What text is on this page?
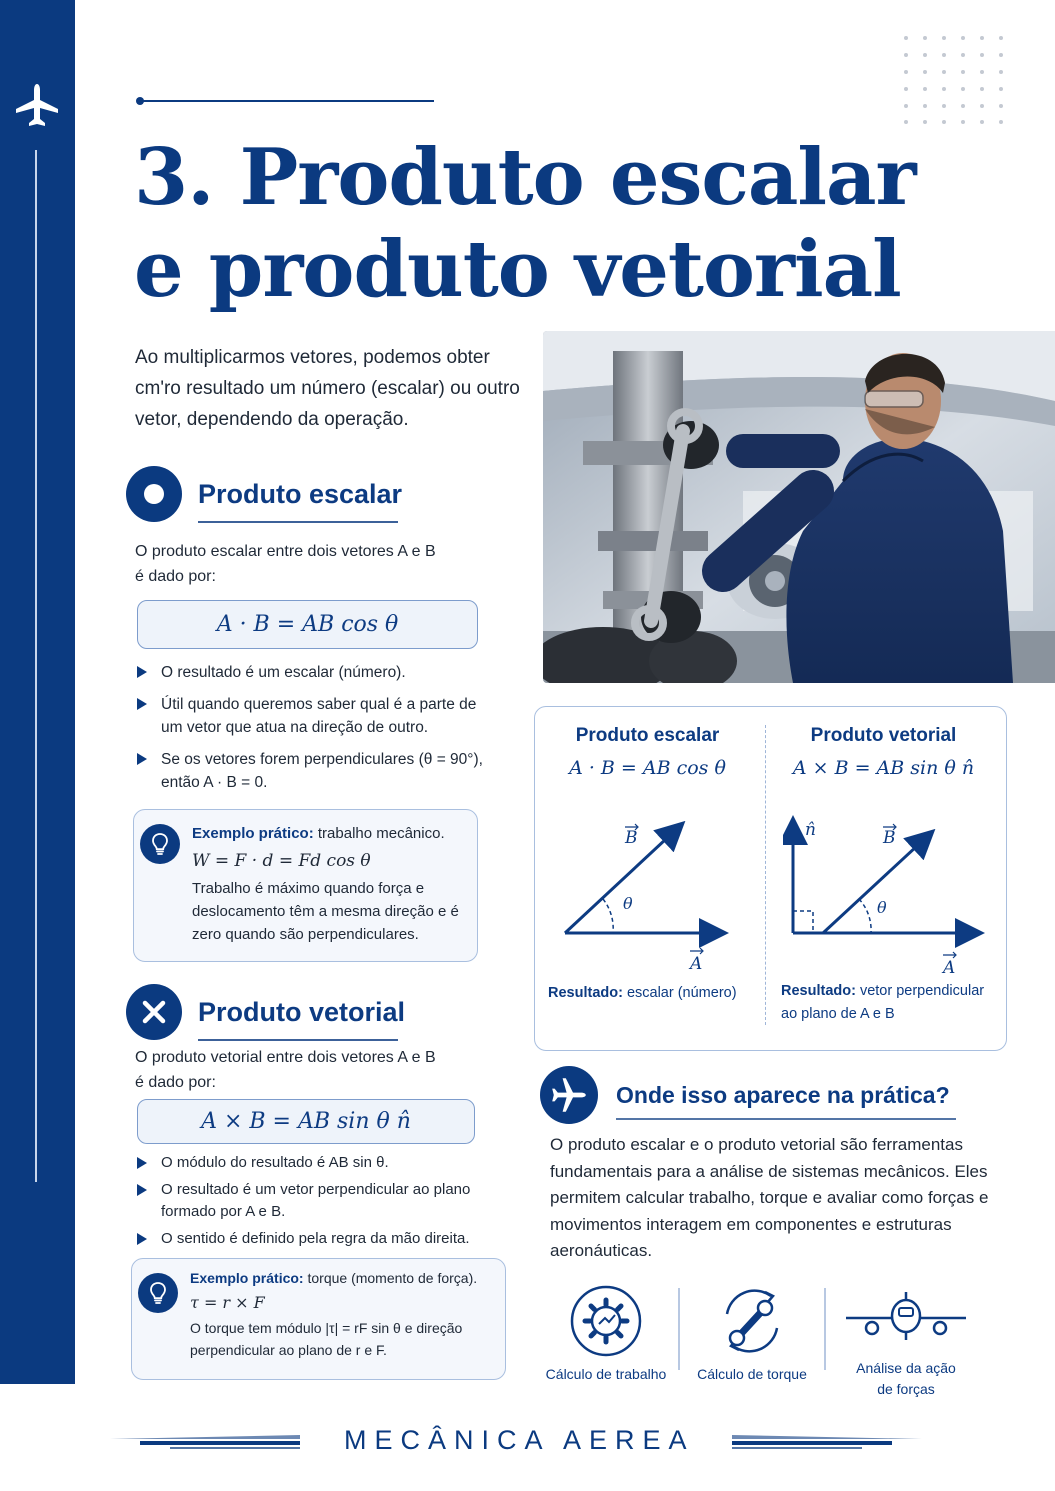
3. Produto escalar
e produto vetorial

Ao multiplicarmos vetores, podemos obter cm'ro resultado um número (escalar) ou outro vetor, dependendo da operação.

Produto escalar
O produto escalar entre dois vetores A e B
é dado por:
A · B = AB cos θ
O resultado é um escalar (número).
Útil quando queremos saber qual é a parte de um vetor que atua na direção de outro.
Se os vetores forem perpendiculares (θ = 90°), então A · B = 0.
Exemplo prático: trabalho mecânico.
W = F · d = Fd cos θ
Trabalho é máximo quando força e deslocamento têm a mesma direção e é zero quando são perpendiculares.
Produto vetorial
O produto vetorial entre dois vetores A e B
é dado por:
A × B = AB sin θ n̂
O módulo do resultado é AB sin θ.
O resultado é um vetor perpendicular ao plano formado por A e B.
O sentido é definido pela regra da mão direita.
Exemplo prático: torque (momento de força).
τ = r × F
O torque tem módulo |τ| = rF sin θ e direção
perpendicular ao plano de r e F.
Produto escalar
A · B = AB cos θ
θ
B
A
Resultado: escalar (número)
Produto vetorial
A × B = AB sin θ n̂
θ
n̂	B
A
Resultado: vetor perpendicular
ao plano de A e B
Onde isso aparece na prática?

O produto escalar e o produto vetorial são ferramentas fundamentais para a análise de sistemas mecânicos. Eles permitem calcular trabalho, torque e avaliar como forças e movimentos interagem em componentes e estruturas aeronáuticas.

Cálculo de trabalho	Cálculo de torque	Análise da ação
de forças
MECÂNICA AEREA
